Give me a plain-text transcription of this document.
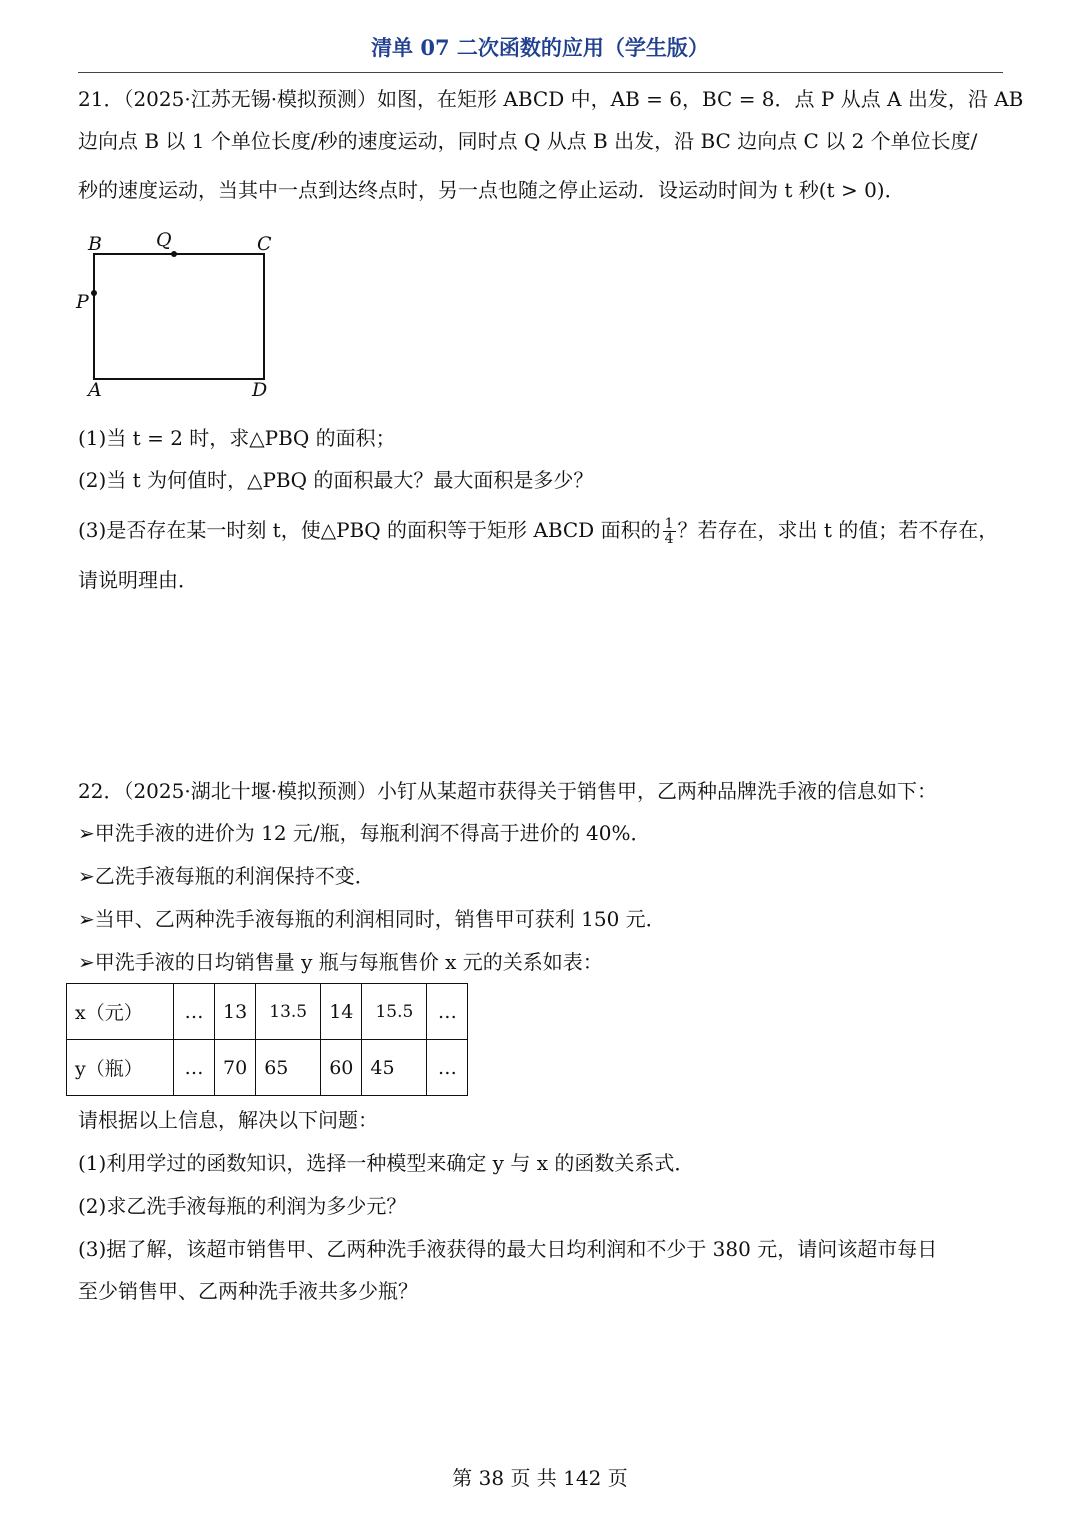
清单 07 二次函数的应用（学生版）
21．（2025·江苏无锡·模拟预测）如图，在矩形 ABCD 中，AB = 6，BC = 8．点 P 从点 A 出发，沿 AB
边向点 B 以 1 个单位长度/秒的速度运动，同时点 Q 从点 B 出发，沿 BC 边向点 C 以 2 个单位长度/
秒的速度运动，当其中一点到达终点时，另一点也随之停止运动．设运动时间为 t 秒(t > 0)．
B	Q	C
P
A	D
(1)当 t = 2 时，求△PBQ 的面积；
(2)当 t 为何值时，△PBQ 的面积最大？最大面积是多少？
(3)是否存在某一时刻 t，使△PBQ 的面积等于矩形 ABCD 面积的 $\frac{1}{4}$ ？若存在，求出 t 的值；若不存在，
请说明理由．
22．（2025·湖北十堰·模拟预测）小钉从某超市获得关于销售甲，乙两种品牌洗手液的信息如下：
➢甲洗手液的进价为 12 元/瓶，每瓶利润不得高于进价的 40%．
➢乙洗手液每瓶的利润保持不变．
➢当甲、乙两种洗手液每瓶的利润相同时，销售甲可获利 150 元．
➢甲洗手液的日均销售量 y 瓶与每瓶售价 x 元的关系如表：
x（元）	…	13	13.5	14	15.5	…
y（瓶）	…	70	65	60	45	…
请根据以上信息，解决以下问题：
(1)利用学过的函数知识，选择一种模型来确定 y 与 x 的函数关系式．
(2)求乙洗手液每瓶的利润为多少元？
(3)据了解，该超市销售甲、乙两种洗手液获得的最大日均利润和不少于 380 元，请问该超市每日
至少销售甲、乙两种洗手液共多少瓶？
第 38 页 共 142 页
